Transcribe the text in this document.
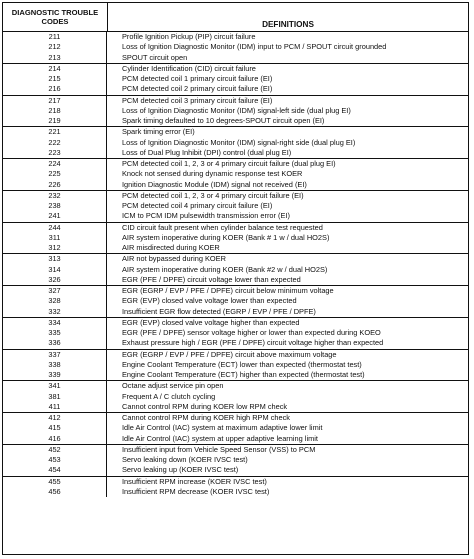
DIAGNOSTIC TROUBLE
CODES	DEFINITIONS
211
212
213
Profile Ignition Pickup (PIP) circuit failure
Loss of Ignition Diagnostic Monitor (IDM) input to PCM / SPOUT circuit grounded
SPOUT circuit open
214
215
216
Cylinder Identification (CID) circuit failure
PCM detected coil 1 primary circuit failure (EI)
PCM detected coil 2 primary circuit failure (EI)
217
218
219
PCM detected coil 3 primary circuit failure (EI)
Loss of Ignition Diagnostic Monitor (IDM) signal-left side (dual plug EI)
Spark timing defaulted to 10 degrees-SPOUT circuit open (EI)
221
222
223
Spark timing error (EI)
Loss of Ignition Diagnostic Monitor (IDM) signal-right side (dual plug EI)
Loss of Dual Plug Inhibit (DPI) control (dual plug EI)
224
225
226
PCM detected coil 1, 2, 3 or 4 primary circuit failure (dual plug EI)
Knock not sensed during dynamic response test KOER
Ignition Diagnostic Module (IDM) signal not received (EI)
232
238
241
PCM detected coil 1, 2, 3 or 4 primary circuit failure (EI)
PCM detected coil 4 primary circuit failure (EI)
ICM to PCM IDM pulsewidth transmission error (EI)
244
311
312
CID circuit fault present when cylinder balance test requested
AIR system inoperative during KOER (Bank # 1 w / dual HO2S)
AIR misdirected during KOER
313
314
326
AIR not bypassed during KOER
AIR system inoperative during KOER (Bank #2 w / dual HO2S)
EGR (PFE / DPFE) circuit voltage lower than expected
327
328
332
EGR (EGRP / EVP / PFE / DPFE) circuit below minimum voltage
EGR (EVP) closed valve voltage lower than expected
Insufficient EGR flow detected (EGRP / EVP / PFE / DPFE)
334
335
336
EGR (EVP) closed valve voltage higher than expected
EGR (PFE / DPFE) sensor voltage higher or lower than expected during KOEO
Exhaust pressure high / EGR (PFE / DPFE) circuit voltage higher than expected
337
338
339
EGR (EGRP / EVP / PFE / DPFE) circuit above maximum voltage
Engine Coolant Temperature (ECT) lower than expected (thermostat test)
Engine Coolant Temperature (ECT) higher than expected (thermostat test)
341
381
411
Octane adjust service pin open
Frequent A / C clutch cycling
Cannot control RPM during KOER low RPM check
412
415
416
Cannot control RPM during KOER high RPM check
Idle Air Control (IAC) system at maximum adaptive lower limit
Idle Air Control (IAC) system at upper adaptive learning limit
452
453
454
Insufficient input from Vehicle Speed Sensor (VSS) to PCM
Servo leaking down (KOER IVSC test)
Servo leaking up (KOER IVSC test)
455
456
Insufficient RPM increase (KOER IVSC test)
Insufficient RPM decrease (KOER IVSC test)
